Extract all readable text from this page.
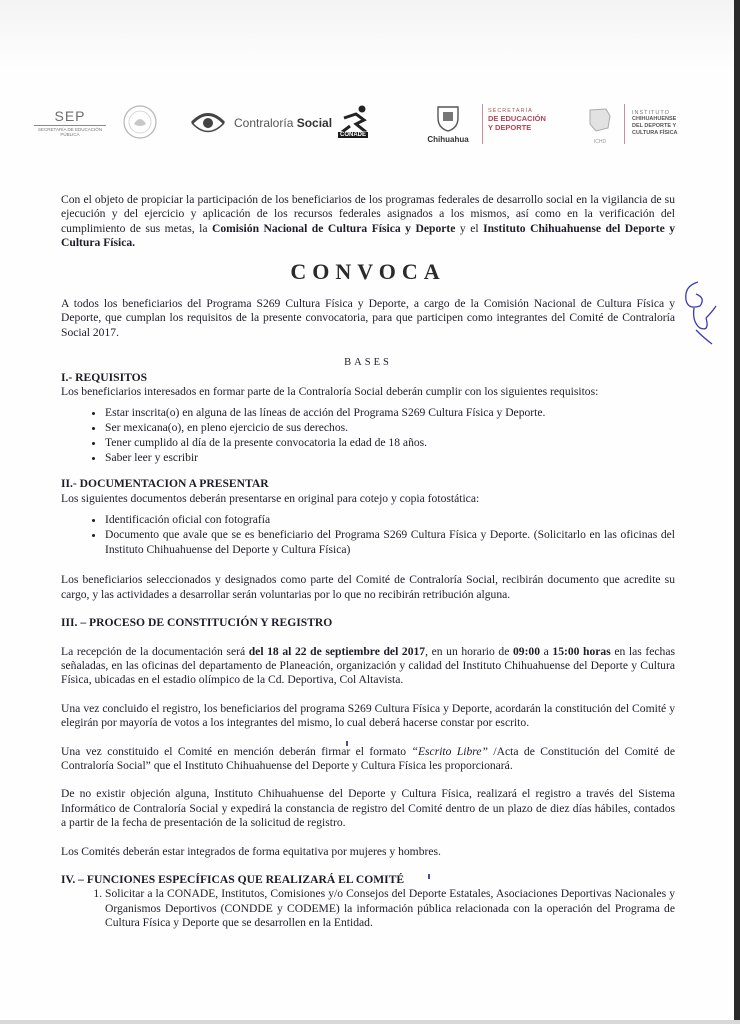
SEP
SECRETARÍA DE EDUCACIÓN PÚBLICA
Contraloría Social
CONADE	Chihuahua
SECRETARÍA
DE EDUCACIÓN
Y DEPORTE
ICHD
INSTITUTO
CHIHUAHUENSE
DEL DEPORTE Y
CULTURA FÍSICA

Con el objeto de propiciar la participación de los beneficiarios de los programas federales de desarrollo social en la vigilancia de su ejecución y del ejercicio y aplicación de los recursos federales asignados a los mismos, así como en la verificación del cumplimiento de sus metas, la Comisión Nacional de Cultura Física y Deporte y el Instituto Chihuahuense del Deporte y Cultura Física.

CONVOCA

A todos los beneficiarios del Programa S269 Cultura Física y Deporte, a cargo de la Comisión Nacional de Cultura Física y Deporte, que cumplan los requisitos de la presente convocatoria, para que participen como integrantes del Comité de Contraloría Social 2017.

BASES
I.- REQUISITOS

Los beneficiarios interesados en formar parte de la Contraloría Social deberán cumplir con los siguientes requisitos:

• Estar inscrita(o) en alguna de las líneas de acción del Programa S269 Cultura Física y Deporte.
• Ser mexicana(o), en pleno ejercicio de sus derechos.
• Tener cumplido al día de la presente convocatoria la edad de 18 años.
• Saber leer y escribir
II.- DOCUMENTACION A PRESENTAR

Los siguientes documentos deberán presentarse en original para cotejo y copia fotostática:

• Identificación oficial con fotografía
• Documento que avale que se es beneficiario del Programa S269 Cultura Física y Deporte. (Solicitarlo en las oficinas del Instituto Chihuahuense del Deporte y Cultura Física)

Los beneficiarios seleccionados y designados como parte del Comité de Contraloría Social, recibirán documento que acredite su cargo, y las actividades a desarrollar serán voluntarias por lo que no recibirán retribución alguna.

III. – PROCESO DE CONSTITUCIÓN Y REGISTRO

La recepción de la documentación será del 18 al 22 de septiembre del 2017, en un horario de 09:00 a 15:00 horas en las fechas señaladas, en las oficinas del departamento de Planeación, organización y calidad del Instituto Chihuahuense del Deporte y Cultura Física, ubicadas en el estadio olímpico de la Cd. Deportiva, Col Altavista.

Una vez concluido el registro, los beneficiarios del programa S269 Cultura Física y Deporte, acordarán la constitución del Comité y elegirán por mayoría de votos a los integrantes del mismo, lo cual deberá hacerse constar por escrito.

Una vez constituido el Comité en mención deberán firmar el formato “Escrito Libre” /Acta de Constitución del Comité de Contraloría Social” que el Instituto Chihuahuense del Deporte y Cultura Física les proporcionará.

De no existir objeción alguna, Instituto Chihuahuense del Deporte y Cultura Física, realizará el registro a través del Sistema Informático de Contraloría Social y expedirá la constancia de registro del Comité dentro de un plazo de diez días hábiles, contados a partir de la fecha de presentación de la solicitud de registro.

Los Comités deberán estar integrados de forma equitativa por mujeres y hombres.

IV. – FUNCIONES ESPECÍFICAS QUE REALIZARÁ EL COMITÉ
1. Solicitar a la CONADE, Institutos, Comisiones y/o Consejos del Deporte Estatales, Asociaciones Deportivas Nacionales y Organismos Deportivos (CONDDE y CODEME) la información pública relacionada con la operación del Programa de Cultura Física y Deporte que se desarrollen en la Entidad.
